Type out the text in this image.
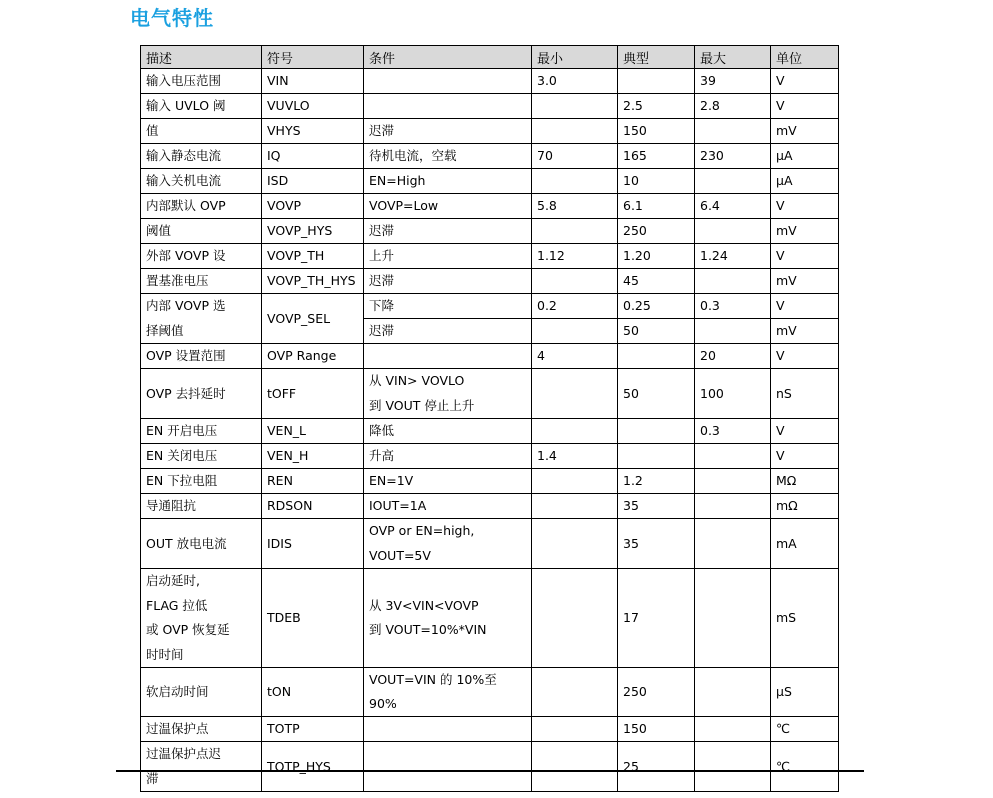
电气特性
描述	符号	条件	最小	典型	最大	单位
输入电压范围	VIN		3.0		39	V
输入 UVLO 阈	VUVLO			2.5	2.8	V
值	VHYS	迟滞		150		mV
输入静态电流	IQ	待机电流，空载	70	165	230	µA
输入关机电流	ISD	EN=High		10		µA
内部默认 OVP	VOVP	VOVP=Low	5.8	6.1	6.4	V
阈值	VOVP_HYS	迟滞		250		mV
外部 VOVP 设	VOVP_TH	上升	1.12	1.20	1.24	V
置基准电压	VOVP_TH_HYS	迟滞		45		mV

内部 VOVP 选
择阈值	VOVP_SEL	下降	0.2	0.25	0.3	V
		迟滞		50		mV
OVP 设置范围	OVP Range		4		20	V
OVP 去抖延时	tOFF	从 VIN> VOVLO
到 VOUT 停止上升		50	100	nS
EN 开启电压	VEN_L	降低			0.3	V
EN 关闭电压	VEN_H	升高	1.4			V
EN 下拉电阻	REN	EN=1V		1.2		MΩ
导通阻抗	RDSON	IOUT=1A		35		mΩ
OUT 放电电流	IDIS	OVP or EN=high,
VOUT=5V		35		mA

启动延时,
FLAG 拉低
或 OVP 恢复延
时时间	TDEB	从 3V<VIN<VOVP
到 VOUT=10%*VIN		17		mS
软启动时间	tON	VOUT=VIN 的 10%至 90%		250		µS
过温保护点	TOTP			150		℃

过温保护点迟
滞	TOTP_HYS			25		℃
